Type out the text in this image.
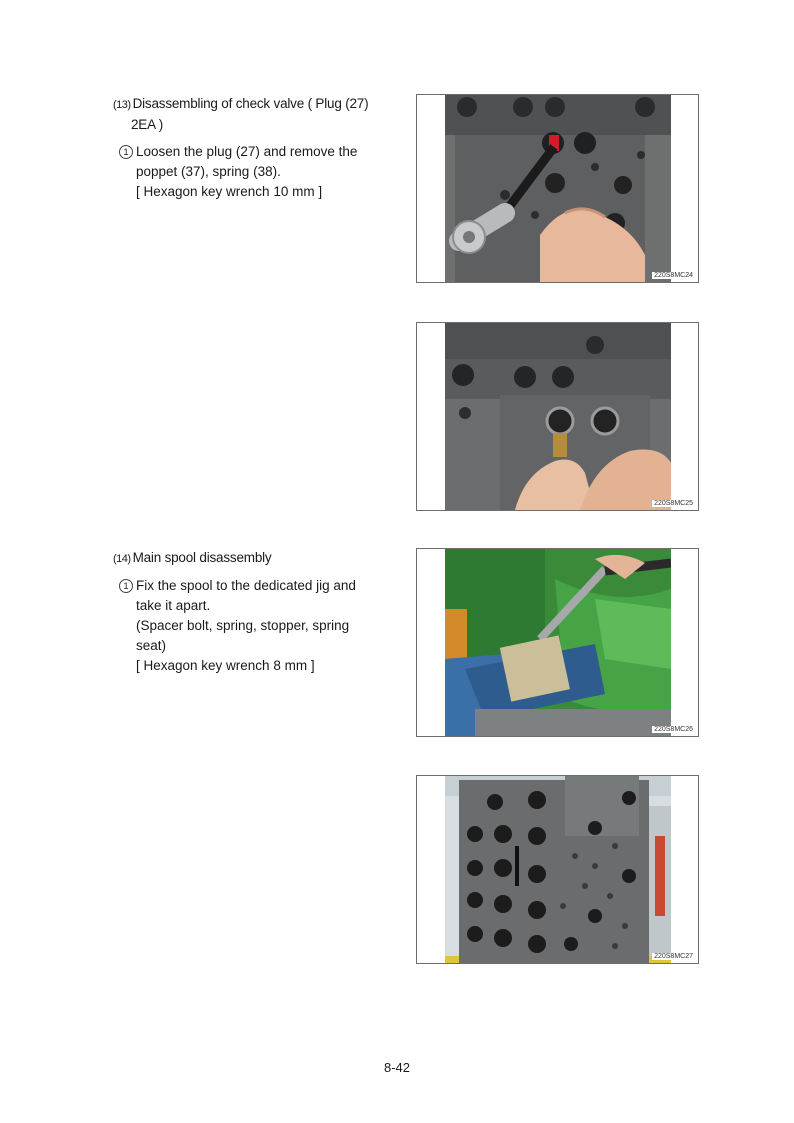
(13) Disassembling of check valve ( Plug (27)
2EA )
1 Loosen the plug (27) and remove the
poppet (37), spring (38).
[ Hexagon key wrench 10 mm ]
(14) Main spool disassembly
1 Fix the spool to the dedicated jig and
take it apart.
(Spacer bolt, spring, stopper, spring
seat)
[ Hexagon key wrench 8 mm ]
220S8MC24
220S8MC25
220S8MC26
220S8MC27
8-42
